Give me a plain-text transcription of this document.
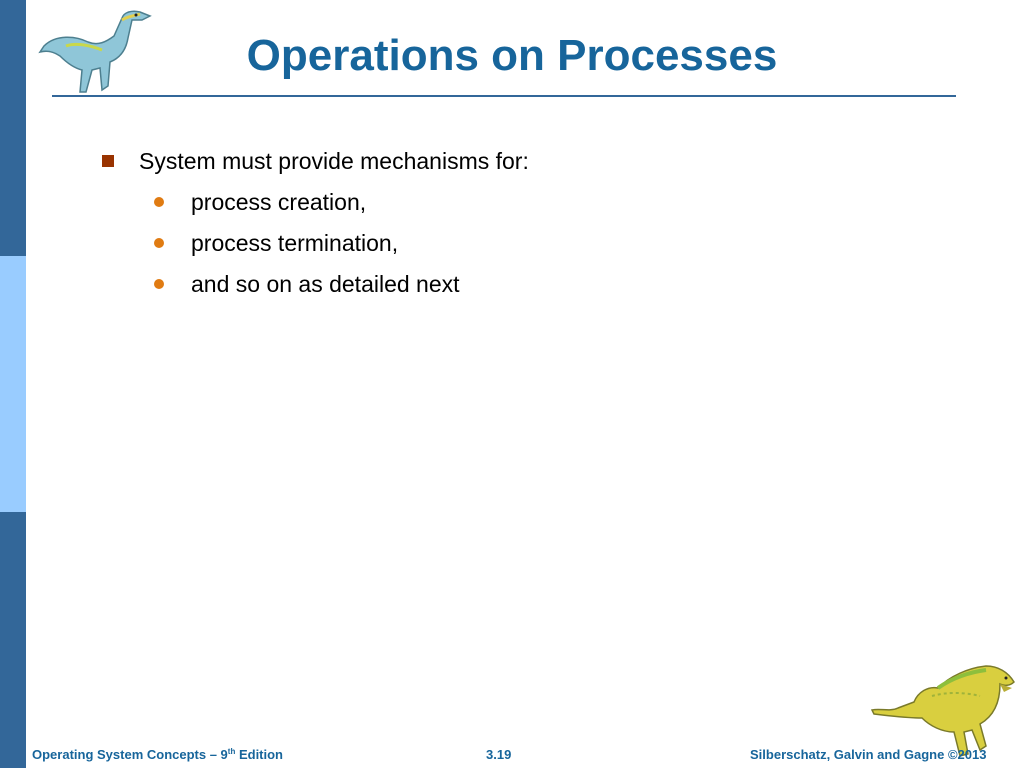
Operations on Processes
System must provide mechanisms for:
process creation,
process termination,
and so on as detailed next
Operating System Concepts – 9th Edition	3.19	Silberschatz, Galvin and Gagne ©2013
